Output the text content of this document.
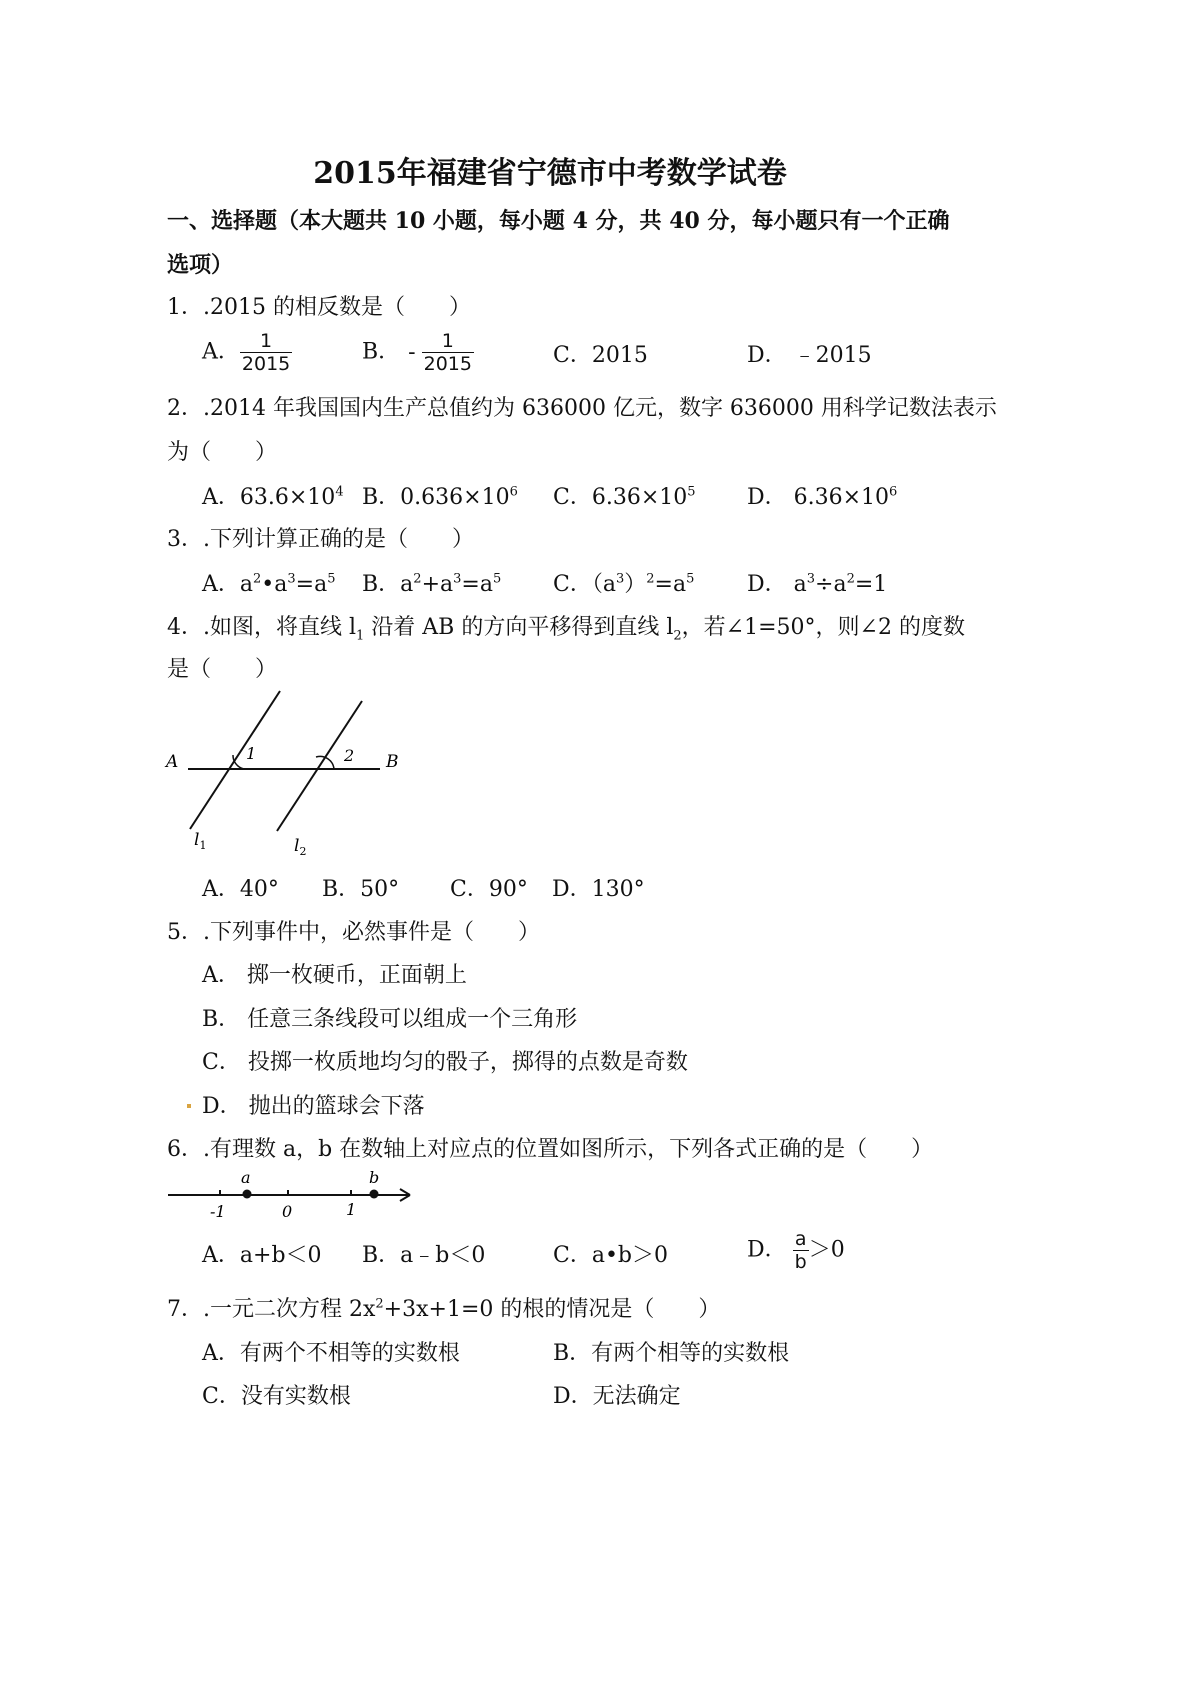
2015年福建省宁德市中考数学试卷
一、选择题（本大题共 10 小题，每小题 4 分，共 40 分，每小题只有一个正确
选项）
1．.2015 的相反数是（　　）
A． $\frac{1}{2015}$	B． - $\frac{1}{2015}$	C．2015	D． ﹣2015
2．.2014 年我国国内生产总值约为 636000 亿元，数字 636000 用科学记数法表示
为（　　）
A．$63.6\times 10^4$ B．$0.636\times 10^6$ C．$6.36\times 10^5$ D． $6.36\times 10^6$
3．.下列计算正确的是（　　）
A．$a^2•a^3=a^5$ B．$a^2+a^3=a^5$ C．$(a^3)^2=a^5$ D． $a^3\div a^2=1$
4．.如图，将直线 $l_1$ 沿着 AB 的方向平移得到直线 $l_2$，若∠1=50°，则∠2 的度数
是（　　）
A	B
1	2
$l_1$	$l_2$
A．40° B．50° C．90° D．130°
5．.下列事件中，必然事件是（　　）
A． 掷一枚硬币，正面朝上
B． 任意三条线段可以组成一个三角形
C． 投掷一枚质地均匀的骰子，掷得的点数是奇数
D． 抛出的篮球会下落
6．.有理数 a，b 在数轴上对应点的位置如图所示，下列各式正确的是（　　）
a	b
-1	0	1
A．a+b＜0 B．a﹣b＜0	C．a•b＞0	D． $\frac{a}{b} >0$
7．.一元二次方程 $2x^2+3x+1=0$ 的根的情况是（　　）
A．有两个不相等的实数根	B．有两个相等的实数根
C．没有实数根	D．无法确定
